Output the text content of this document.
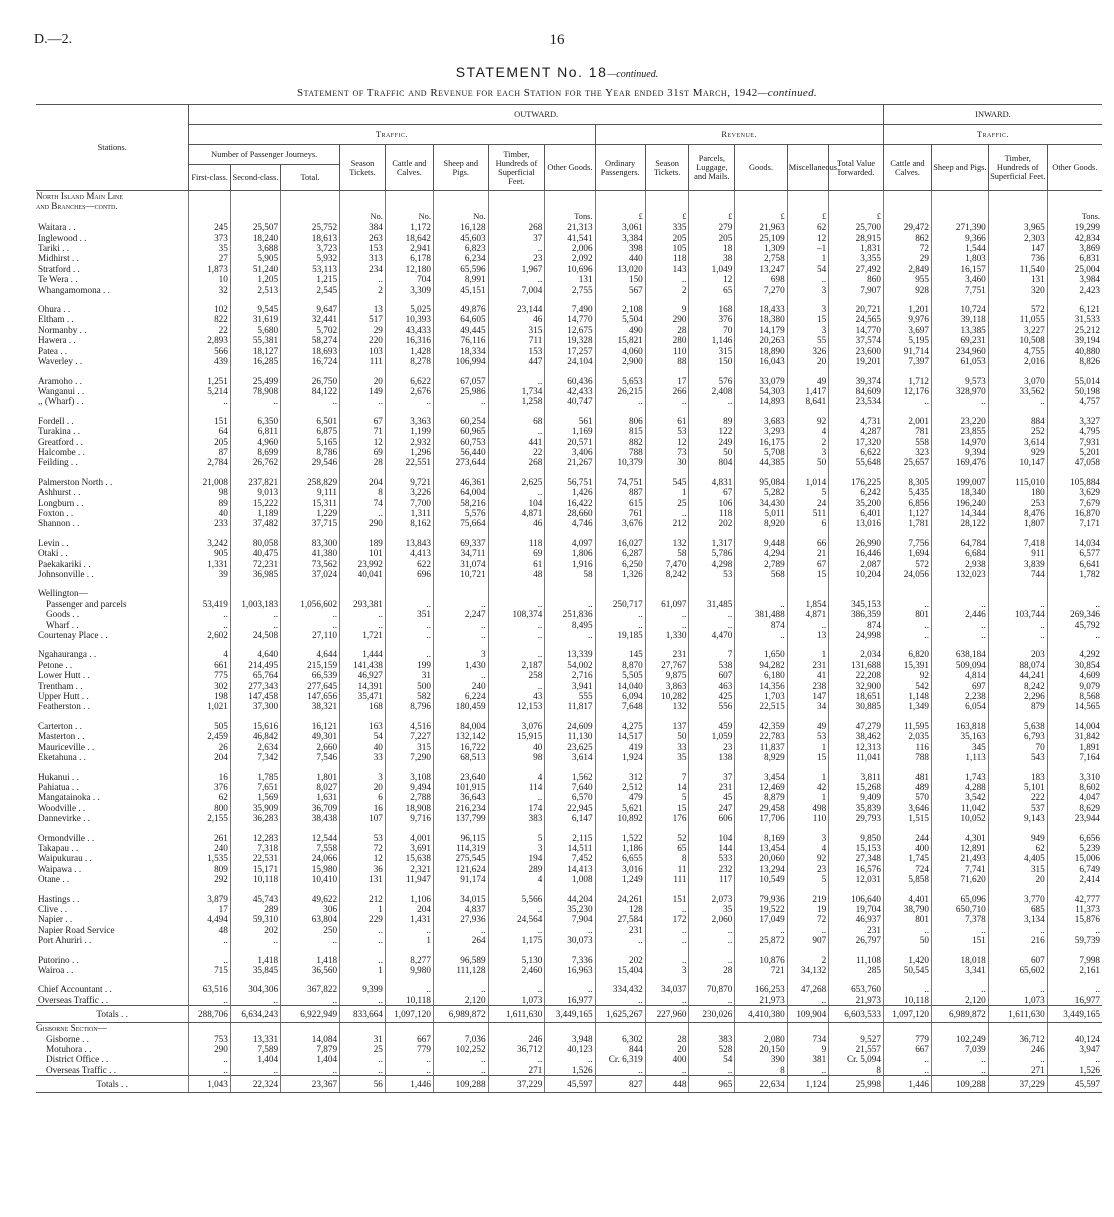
D.—2.	16
STATEMENT No. 18—continued.
Statement of Traffic and Revenue for each Station for the Year ended 31st March, 1942—continued.
Stations.	OUTWARD.														INWARD.			
	Traffic.								Revenue.						Traffic.			
	Number of Passenger Journeys.			Season Tickets.	Cattle and Calves.	Sheep and Pigs.	Timber, Hundreds of Superficial Feet.	Other Goods.	Ordinary Passengers.	Season Tickets.	Parcels, Luggage, and Mails.	Goods.	Miscellaneous.	Total Value forwarded.	Cattle and Calves.	Sheep and Pigs.	Timber, Hundreds of Superficial Feet.	Other Goods.
	First-class.	Second-class.	Total.															
North Island Main Line																		
and Branches—contd.																		
				No.	No.	No.		Tons.	£	£	£	£	£	£				Tons.
Waitara . .	245	25,507	25,752	384	1,172	16,128	268	21,313	3,061	335	279	21,963	62	25,700	29,472	271,390	3,965	19,299
Inglewood . .	373	18,240	18,613	263	18,642	45,603	37	41,541	3,384	205	205	25,109	12	28,915	862	9,366	2,303	42,834
Tariki . .	35	3,688	3,723	153	2,941	6,823	..	2,006	398	105	18	1,309	–1	1,831	72	1,544	147	3,869
Midhirst . .	27	5,905	5,932	313	6,178	6,234	23	2,092	440	118	38	2,758	1	3,355	29	1,803	736	6,831
Stratford . .	1,873	51,240	53,113	234	12,180	65,596	1,967	10,696	13,020	143	1,049	13,247	54	27,492	2,849	16,157	11,540	25,004
Te Wera . .	10	1,205	1,215	..	704	8,991	..	131	150	..	12	698	..	860	955	3,460	131	3,984
Whangamomona . .	32	2,513	2,545	2	3,309	45,151	7,004	2,755	567	2	65	7,270	3	7,907	928	7,751	320	2,423

Ohura . .	102	9,545	9,647	13	5,025	49,876	23,144	7,490	2,108	9	168	18,433	3	20,721	1,201	10,724	572	6,121
Eltham . .	822	31,619	32,441	517	10,393	64,605	46	14,770	5,504	290	376	18,380	15	24,565	9,976	39,118	11,055	31,533
Normanby . .	22	5,680	5,702	29	43,433	49,445	315	12,675	490	28	70	14,179	3	14,770	3,697	13,385	3,227	25,212
Hawera . .	2,893	55,381	58,274	220	16,316	76,116	711	19,328	15,821	280	1,146	20,263	55	37,574	5,195	69,231	10,508	39,194
Patea . .	566	18,127	18,693	103	1,428	18,334	153	17,257	4,060	110	315	18,890	326	23,600	91,714	234,960	4,755	40,880
Waverley . .	439	16,285	16,724	111	8,278	106,994	447	24,104	2,900	88	150	16,043	20	19,201	7,397	61,053	2,016	8,826

Aramoho . .	1,251	25,499	26,750	20	6,622	67,057	..	60,436	5,653	17	576	33,079	49	39,374	1,712	9,573	3,070	55,014
Wanganui . .	5,214	78,908	84,122	149	2,676	25,986	1,734	42,433	26,215	266	2,408	54,303	1,417	84,609	12,176	328,970	33,562	50,198
,, (Wharf) . .	..	..	..	..	..	..	1,258	40,747	..	..	..	14,893	8,641	23,534	..	..	..	4,757

Fordell . .	151	6,350	6,501	67	3,363	60,254	68	561	806	61	89	3,683	92	4,731	2,001	23,220	884	3,327
Turakina . .	64	6,811	6,875	71	1,199	60,965	..	1,169	815	53	122	3,293	4	4,287	781	23,855	252	4,795
Greatford . .	205	4,960	5,165	12	2,932	60,753	441	20,571	882	12	249	16,175	2	17,320	558	14,970	3,614	7,931
Halcombe . .	87	8,699	8,786	69	1,296	56,440	22	3,406	788	73	50	5,708	3	6,622	323	9,394	929	5,201
Feilding . .	2,784	26,762	29,546	28	22,551	273,644	268	21,267	10,379	30	804	44,385	50	55,648	25,657	169,476	10,147	47,058

Palmerston North . .	21,008	237,821	258,829	204	9,721	46,361	2,625	56,751	74,751	545	4,831	95,084	1,014	176,225	8,305	199,007	115,010	105,884
Ashhurst . .	98	9,013	9,111	8	3,226	64,004	..	1,426	887	1	67	5,282	5	6,242	5,435	18,340	180	3,629
Longburn . .	89	15,222	15,311	74	7,700	58,216	104	16,422	615	25	106	34,430	24	35,200	6,856	196,240	253	7,679
Foxton . .	40	1,189	1,229	..	1,311	5,576	4,871	28,660	761	..	118	5,011	511	6,401	1,127	14,344	8,476	16,870
Shannon . .	233	37,482	37,715	290	8,162	75,664	46	4,746	3,676	212	202	8,920	6	13,016	1,781	28,122	1,807	7,171

Levin . .	3,242	80,058	83,300	189	13,843	69,337	118	4,097	16,027	132	1,317	9,448	66	26,990	7,756	64,784	7,418	14,034
Otaki . .	905	40,475	41,380	101	4,413	34,711	69	1,806	6,287	58	5,786	4,294	21	16,446	1,694	6,684	911	6,577
Paekakariki . .	1,331	72,231	73,562	23,992	622	31,074	61	1,916	6,250	7,470	4,298	2,789	67	2,087	572	2,938	3,839	6,641
Johnsonville . .	39	36,985	37,024	40,041	696	10,721	48	58	1,326	8,242	53	568	15	10,204	24,056	132,023	744	1,782

Wellington—																		
Passenger and parcels	53,419	1,003,183	1,056,602	293,381	..	..	..	..	250,717	61,097	31,485	..	1,854	345,153	..	..	..	..
Goods . .	..	..	..	..	351	2,247	108,374	251,836	..	..	..	381,488	4,871	386,359	801	2,446	103,744	269,346
Wharf . .	..	..	..	..	..	..	..	8,495	..	..	..	874	..	874	..	..	..	45,792
Courtenay Place . .	2,602	24,508	27,110	1,721	..	..	..	..	19,185	1,330	4,470	..	13	24,998	..	..	..	..

Ngahauranga . .	4	4,640	4,644	1,444	..	3	..	13,339	145	231	7	1,650	1	2,034	6,820	638,184	203	4,292
Petone . .	661	214,495	215,159	141,438	199	1,430	2,187	54,002	8,870	27,767	538	94,282	231	131,688	15,391	509,094	88,074	30,854
Lower Hutt . .	775	65,764	66,539	46,927	31	..	258	2,716	5,505	9,875	607	6,180	41	22,208	92	4,814	44,241	4,609
Trentham . .	302	277,343	277,645	14,391	500	240	..	3,941	14,040	3,863	463	14,356	238	32,900	542	697	8,242	9,079
Upper Hutt . .	198	147,458	147,656	35,471	582	6,224	43	555	6,094	10,282	425	1,703	147	18,651	1,148	2,238	2,296	8,568
Featherston . .	1,021	37,300	38,321	168	8,796	180,459	12,153	11,817	7,648	132	556	22,515	34	30,885	1,349	6,054	879	14,565

Carterton . .	505	15,616	16,121	163	4,516	84,004	3,076	24,609	4,275	137	459	42,359	49	47,279	11,595	163,818	5,638	14,004
Masterton . .	2,459	46,842	49,301	54	7,227	132,142	15,915	11,130	14,517	50	1,059	22,783	53	38,462	2,035	35,163	6,793	31,842
Mauriceville . .	26	2,634	2,660	40	315	16,722	40	23,625	419	33	23	11,837	1	12,313	116	345	70	1,891
Eketahuna . .	204	7,342	7,546	33	7,290	68,513	98	3,614	1,924	35	138	8,929	15	11,041	788	1,113	543	7,164

Hukanui . .	16	1,785	1,801	3	3,108	23,640	4	1,562	312	7	37	3,454	1	3,811	481	1,743	183	3,310
Pahiatua . .	376	7,651	8,027	20	9,494	101,915	114	7,640	2,512	14	231	12,469	42	15,268	489	4,288	5,101	8,602
Mangatainoka . .	62	1,569	1,631	6	2,788	36,643	..	6,570	479	5	45	8,879	1	9,409	570	3,542	222	4,047
Woodville . .	800	35,909	36,709	16	18,908	216,234	174	22,945	5,621	15	247	29,458	498	35,839	3,646	11,042	537	8,629
Dannevirke . .	2,155	36,283	38,438	107	9,716	137,799	383	6,147	10,892	176	606	17,706	110	29,793	1,515	10,052	9,143	23,944

Ormondville . .	261	12,283	12,544	53	4,001	96,115	5	2,115	1,522	52	104	8,169	3	9,850	244	4,301	949	6,656
Takapau . .	240	7,318	7,558	72	3,691	114,319	3	14,511	1,186	65	144	13,454	4	15,153	400	12,891	62	5,239
Waipukurau . .	1,535	22,531	24,066	12	15,638	275,545	194	7,452	6,655	8	533	20,060	92	27,348	1,745	21,493	4,405	15,006
Waipawa . .	809	15,171	15,980	36	2,321	121,624	289	14,413	3,016	11	232	13,294	23	16,576	724	7,741	315	6,749
Otane . .	292	10,118	10,410	131	11,947	91,174	4	1,008	1,249	111	117	10,549	5	12,031	5,858	71,620	20	2,414

Hastings . .	3,879	45,743	49,622	212	1,106	34,015	5,566	44,204	24,261	151	2,073	79,936	219	106,640	4,401	65,096	3,770	42,777
Clive . .	17	289	306	1	204	4,837	..	35,230	128	..	35	19,522	19	19,704	38,790	650,710	685	11,373
Napier . .	4,494	59,310	63,804	229	1,431	27,936	24,564	7,904	27,584	172	2,060	17,049	72	46,937	801	7,378	3,134	15,876
Napier Road Service	48	202	250	..	..	..	..	..	231	..	..	..	..	231	..	..	..	..
Port Ahuriri . .	..	..	..	..	1	264	1,175	30,073	..	..	..	25,872	907	26,797	50	151	216	59,739

Putorino . .	..	1,418	1,418	..	8,277	96,589	5,130	7,336	202	..	..	10,876	2	11,108	1,420	18,018	607	7,998
Wairoa . .	715	35,845	36,560	1	9,980	111,128	2,460	16,963	15,404	3	28	721	34,132	285	50,545	3,341	65,602	2,161

Chief Accountant . .	63,516	304,306	367,822	9,399	..	..	..	..	334,432	34,037	70,870	166,253	47,268	653,760	..	..	..	..
Overseas Traffic . .	..	..	..	..	10,118	2,120	1,073	16,977	..	..	..	21,973	..	21,973	10,118	2,120	1,073	16,977
Totals . .	288,706	6,634,243	6,922,949	833,664	1,097,120	6,989,872	1,611,630	3,449,165	1,625,267	227,960	230,026	4,410,380	109,904	6,603,533	1,097,120	6,989,872	1,611,630	3,449,165
Gisborne Section—																		
Gisborne . .	753	13,331	14,084	31	667	7,036	246	3,948	6,302	28	383	2,080	734	9,527	779	102,249	36,712	40,124
Motuhora . .	290	7,589	7,879	25	779	102,252	36,712	40,123	844	20	528	20,150	9	21,557	667	7,039	246	3,947
District Office . .	..	1,404	1,404	..	..	..	..	..	Cr. 6,319	400	54	390	381	Cr. 5,094	..	..	..	..
Overseas Traffic . .	..	..	..	..	..	..	271	1,526	..	..	..	8	..	8	..	..	271	1,526
Totals . .	1,043	22,324	23,367	56	1,446	109,288	37,229	45,597	827	448	965	22,634	1,124	25,998	1,446	109,288	37,229	45,597
